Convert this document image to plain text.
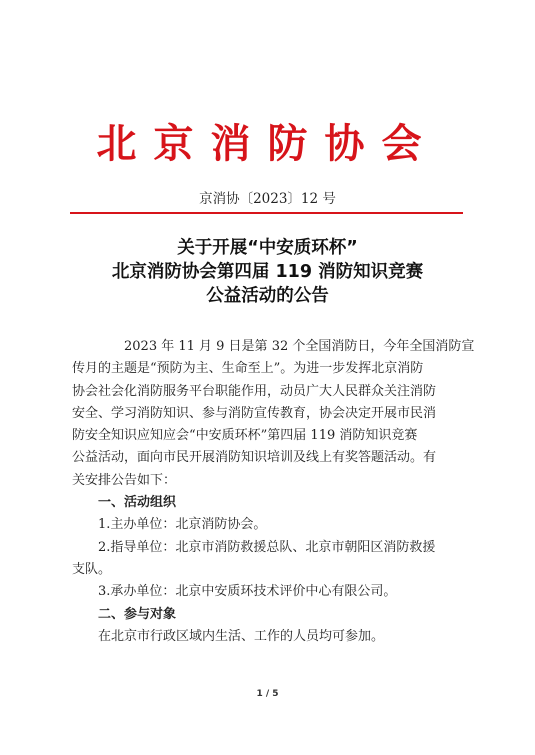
北京消防协会
京消协〔2023〕12 号
关于开展“中安质环杯”
北京消防协会第四届 119 消防知识竞赛
公益活动的公告
2023 年 11 月 9 日是第 32 个全国消防日，今年全国消防宣
传月的主题是“预防为主、生命至上”。为进一步发挥北京消防
协会社会化消防服务平台职能作用，动员广大人民群众关注消防
安全、学习消防知识、参与消防宣传教育，协会决定开展市民消
防安全知识应知应会“中安质环杯”第四届 119 消防知识竞赛
公益活动，面向市民开展消防知识培训及线上有奖答题活动。有
关安排公告如下：
一、活动组织
1.主办单位：北京消防协会。
2.指导单位：北京市消防救援总队、北京市朝阳区消防救援
支队。
3.承办单位：北京中安质环技术评价中心有限公司。
二、参与对象
在北京市行政区域内生活、工作的人员均可参加。
1 / 5
